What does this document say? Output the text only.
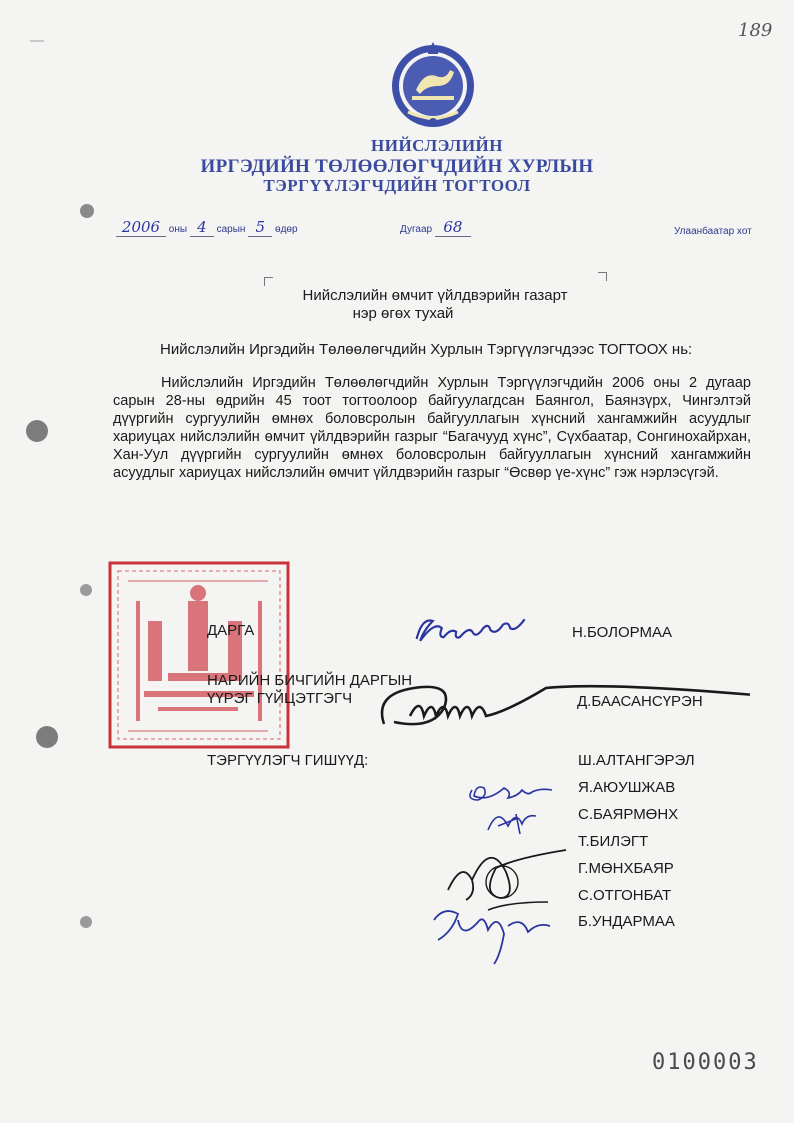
189
НИЙСЛЭЛИЙН
ИРГЭДИЙН ТӨЛӨӨЛӨГЧДИЙН ХУРЛЫН
ТЭРГҮҮЛЭГЧДИЙН ТОГТООЛ
2006 оны 4 сарын 5 өдөр	Дугаар 68	Улаанбаатар хот
Нийслэлийн өмчит үйлдвэрийн газарт
нэр өгөх тухай
Нийслэлийн Иргэдийн Төлөөлөгчдийн Хурлын Тэргүүлэгчдээс ТОГТООХ нь:
Нийслэлийн Иргэдийн Төлөөлөгчдийн Хурлын Тэргүүлэгчдийн 2006 оны 2 дугаар сарын 28-ны өдрийн 45 тоот тогтоолоор байгуулагдсан Баянгол, Баянзүрх, Чингэлтэй дүүргийн сургуулийн өмнөх боловсролын байгууллагын хүнсний хангамжийн асуудлыг хариуцах нийслэлийн өмчит үйлдвэрийн газрыг “Багачууд хүнс”, Сүхбаатар, Сонгинохайрхан, Хан-Уул дүүргийн сургуулийн өмнөх боловсролын байгууллагын хүнсний хангамжийн асуудлыг хариуцах нийслэлийн өмчит үйлдвэрийн газрыг “Өсвөр үе-хүнс” гэж нэрлэсүгэй.
ДАРГА	Н.БОЛОРМАА
НАРИЙН БИЧГИЙН ДАРГЫН
ҮҮРЭГ ГҮЙЦЭТГЭГЧ	Д.БААСАНСҮРЭН
ТЭРГҮҮЛЭГЧ ГИШҮҮД:	Ш.АЛТАНГЭРЭЛ
Я.АЮУШЖАВ
С.БАЯРМӨНХ
Т.БИЛЭГТ
Г.МӨНХБАЯР
С.ОТГОНБАТ
Б.УНДАРМАА
0100003
